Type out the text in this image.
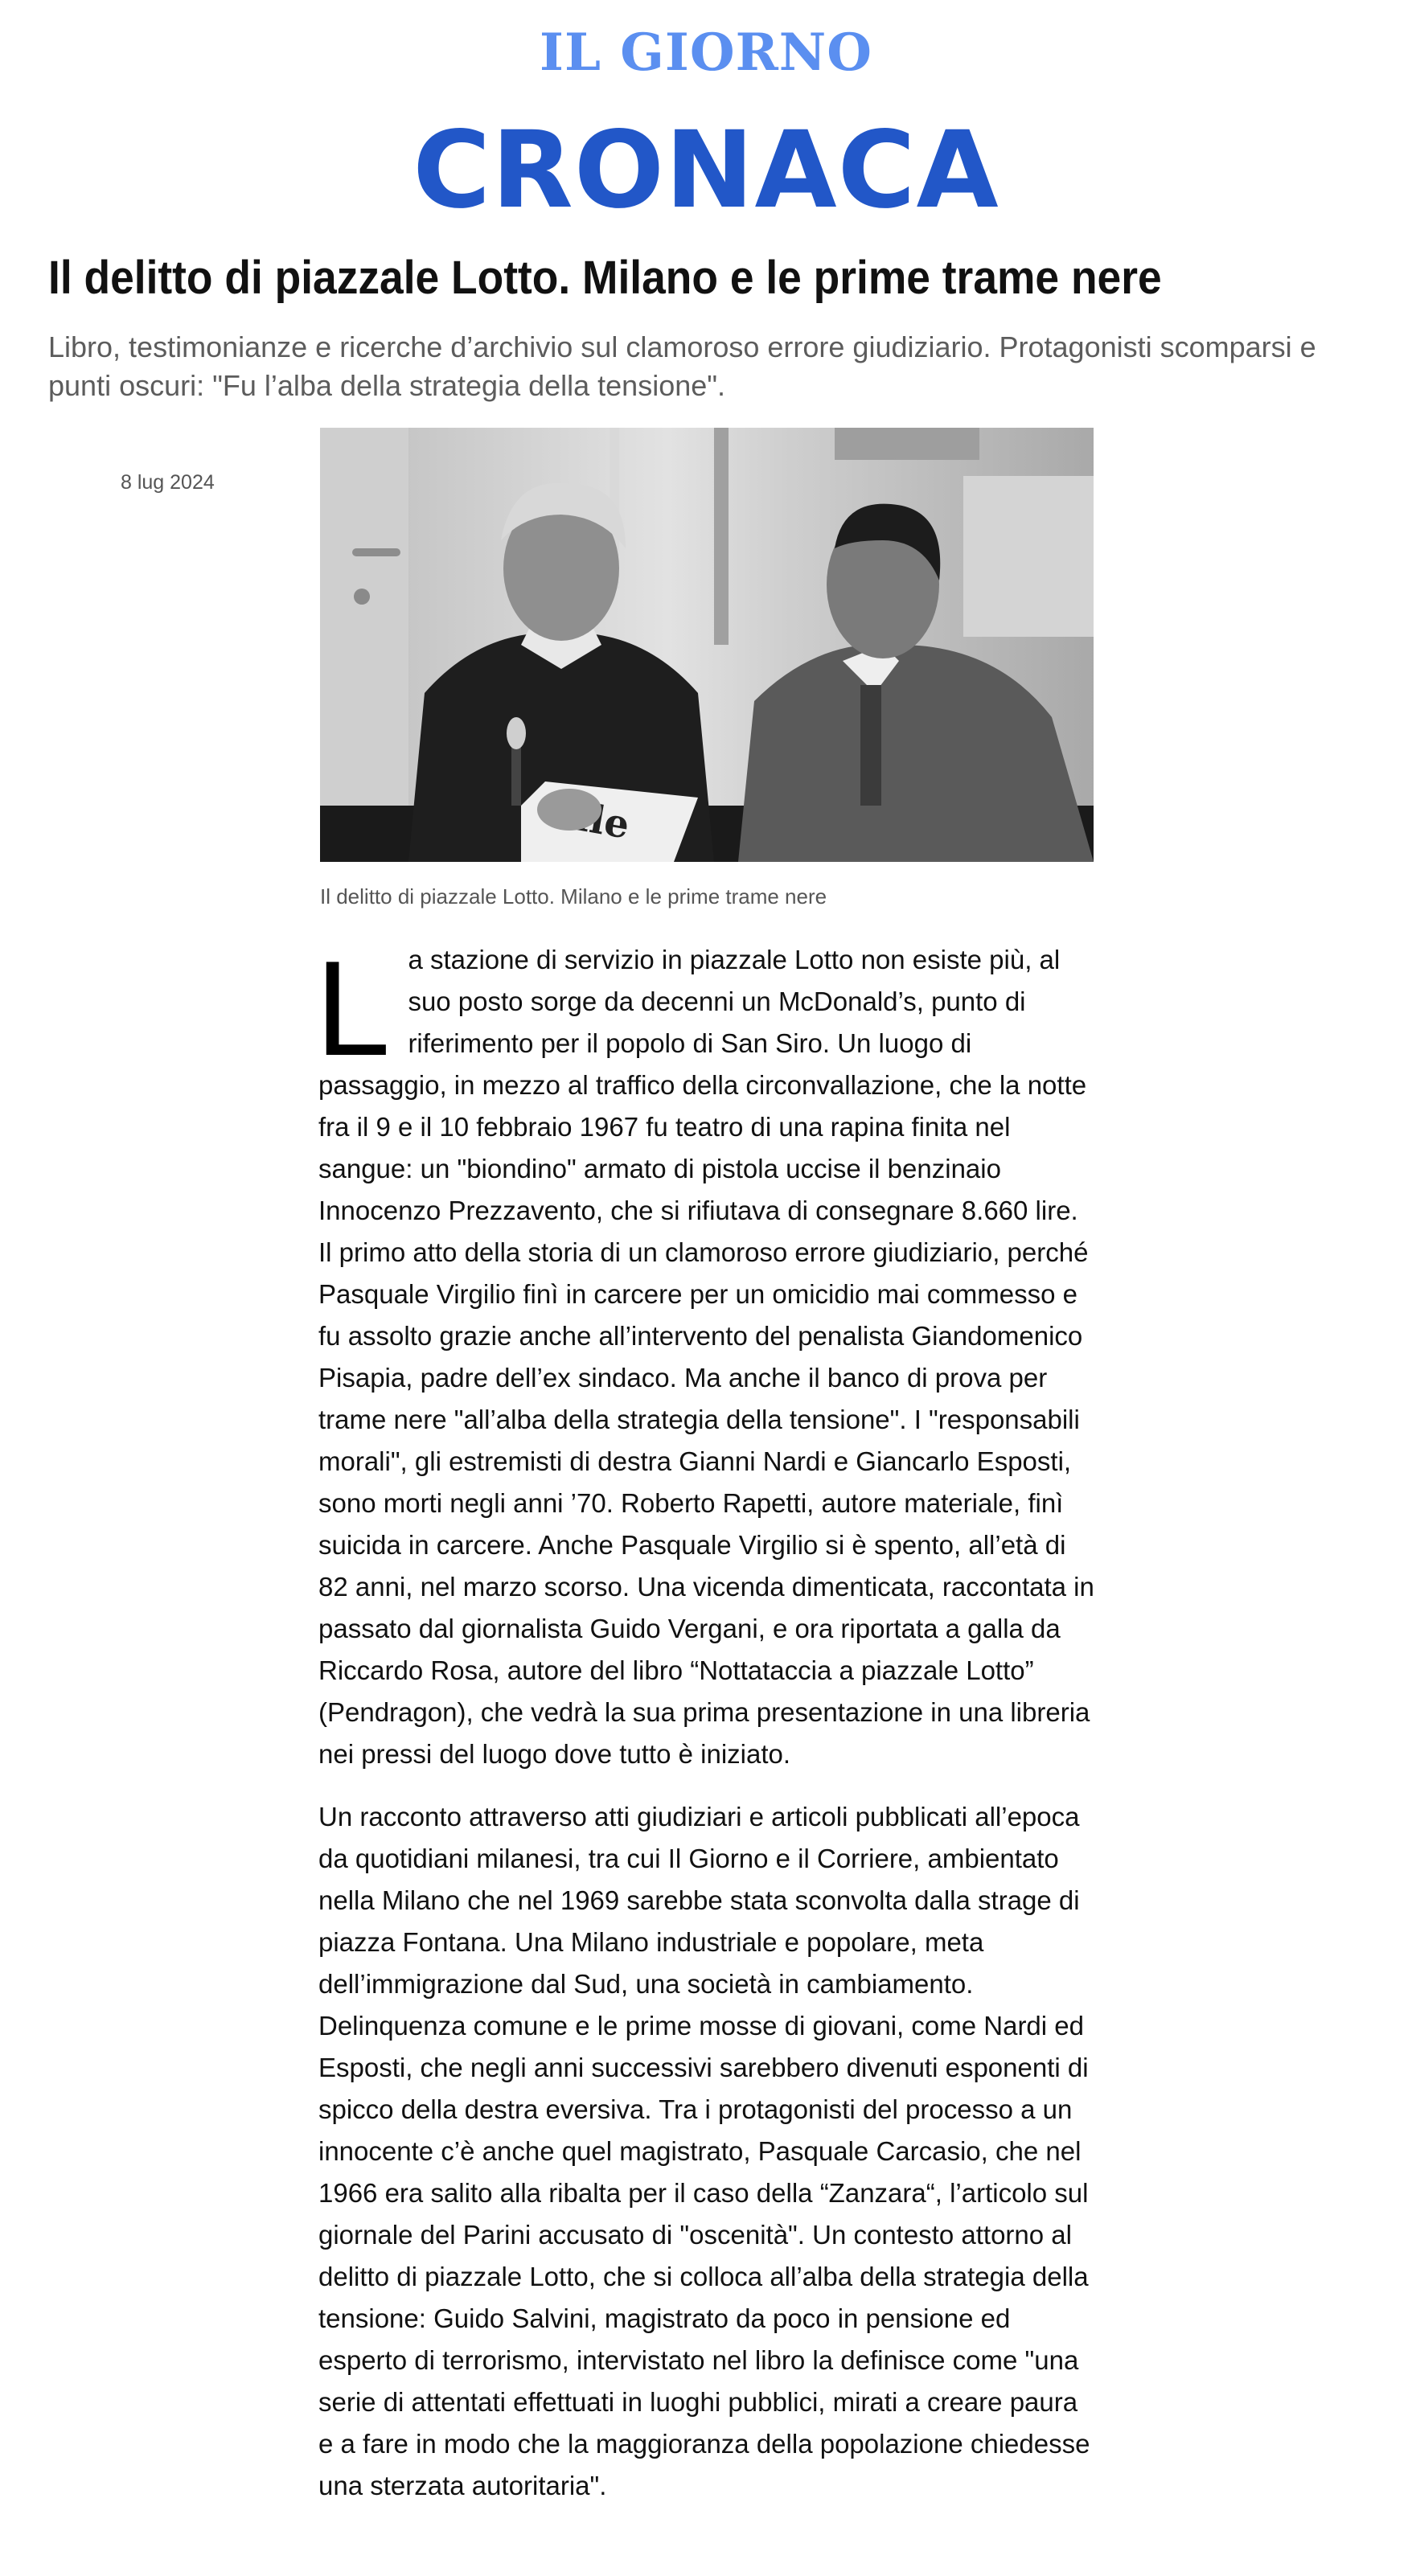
IL GIORNO
CRONACA
Il delitto di piazzale Lotto. Milano e le prime trame nere
Libro, testimonianze e ricerche d’archivio sul clamoroso errore giudiziario. Protagonisti scomparsi e punti oscuri: "Fu l’alba della strategia della tensione".
8 lug 2024
Il delitto di piazzale Lotto. Milano e le prime trame nere

La stazione di servizio in piazzale Lotto non esiste più, al suo posto sorge da decenni un McDonald’s, punto di riferimento per il popolo di San Siro. Un luogo di passaggio, in mezzo al traffico della circonvallazione, che la notte fra il 9 e il 10 febbraio 1967 fu teatro di una rapina finita nel sangue: un "biondino" armato di pistola uccise il benzinaio Innocenzo Prezzavento, che si rifiutava di consegnare 8.660 lire. Il primo atto della storia di un clamoroso errore giudiziario, perché Pasquale Virgilio finì in carcere per un omicidio mai commesso e fu assolto grazie anche all’intervento del penalista Giandomenico Pisapia, padre dell’ex sindaco. Ma anche il banco di prova per trame nere "all’alba della strategia della tensione". I "responsabili morali", gli estremisti di destra Gianni Nardi e Giancarlo Esposti, sono morti negli anni ’70. Roberto Rapetti, autore materiale, finì suicida in carcere. Anche Pasquale Virgilio si è spento, all’età di 82 anni, nel marzo scorso. Una vicenda dimenticata, raccontata in passato dal giornalista Guido Vergani, e ora riportata a galla da Riccardo Rosa, autore del libro “Nottataccia a piazzale Lotto” (Pendragon), che vedrà la sua prima presentazione in una libreria nei pressi del luogo dove tutto è iniziato.

Un racconto attraverso atti giudiziari e articoli pubblicati all’epoca da quotidiani milanesi, tra cui Il Giorno e il Corriere, ambientato nella Milano che nel 1969 sarebbe stata sconvolta dalla strage di piazza Fontana. Una Milano industriale e popolare, meta dell’immigrazione dal Sud, una società in cambiamento. Delinquenza comune e le prime mosse di giovani, come Nardi ed Esposti, che negli anni successivi sarebbero divenuti esponenti di spicco della destra eversiva. Tra i protagonisti del processo a un innocente c’è anche quel magistrato, Pasquale Carcasio, che nel 1966 era salito alla ribalta per il caso della “Zanzara“, l’articolo sul giornale del Parini accusato di "oscenità". Un contesto attorno al delitto di piazzale Lotto, che si colloca all’alba della strategia della tensione: Guido Salvini, magistrato da poco in pensione ed esperto di terrorismo, intervistato nel libro la definisce come "una serie di attentati effettuati in luoghi pubblici, mirati a creare paura e a fare in modo che la maggioranza della popolazione chiedesse una sterzata autoritaria".
